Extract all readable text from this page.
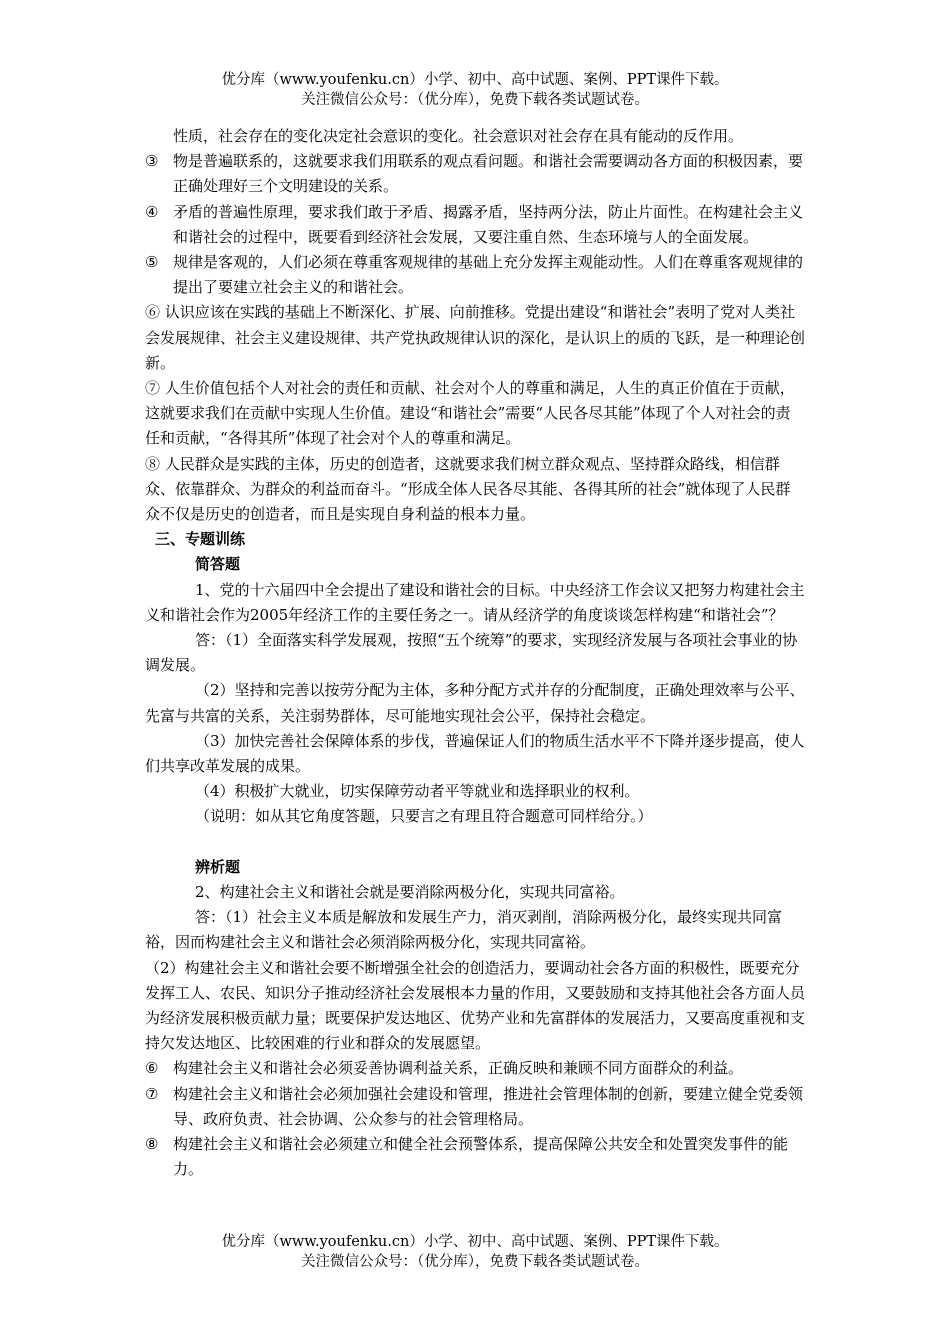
优分库（www.youfenku.cn）小学、初中、高中试题、案例、PPT课件下载。
关注微信公众号：（优分库），免费下载各类试题试卷。

性质，社会存在的变化决定社会意识的变化。社会意识对社会存在具有能动的反作用。

③ 物是普遍联系的，这就要求我们用联系的观点看问题。和谐社会需要调动各方面的积极因素，要正确处理好三个文明建设的关系。
④ 矛盾的普遍性原理，要求我们敢于矛盾、揭露矛盾，坚持两分法，防止片面性。在构建社会主义和谐社会的过程中，既要看到经济社会发展，又要注重自然、生态环境与人的全面发展。
⑤ 规律是客观的，人们必须在尊重客观规律的基础上充分发挥主观能动性。人们在尊重客观规律的提出了要建立社会主义的和谐社会。

⑥ 认识应该在实践的基础上不断深化、扩展、向前推移。党提出建设“和谐社会”表明了党对人类社会发展规律、社会主义建设规律、共产党执政规律认识的深化，是认识上的质的飞跃，是一种理论创新。

⑦ 人生价值包括个人对社会的责任和贡献、社会对个人的尊重和满足，人生的真正价值在于贡献，这就要求我们在贡献中实现人生价值。建设“和谐社会”需要“人民各尽其能”体现了个人对社会的责任和贡献，“各得其所”体现了社会对个人的尊重和满足。

⑧ 人民群众是实践的主体，历史的创造者，这就要求我们树立群众观点、坚持群众路线，相信群众、依靠群众、为群众的利益而奋斗。“形成全体人民各尽其能、各得其所的社会”就体现了人民群众不仅是历史的创造者，而且是实现自身利益的根本力量。

三、专题训练

简答题

1、党的十六届四中全会提出了建设和谐社会的目标。中央经济工作会议又把努力构建社会主义和谐社会作为2005年经济工作的主要任务之一。请从经济学的角度谈谈怎样构建“和谐社会”？

答：（1）全面落实科学发展观，按照“五个统筹”的要求，实现经济发展与各项社会事业的协调发展。

（2）坚持和完善以按劳分配为主体，多种分配方式并存的分配制度，正确处理效率与公平、先富与共富的关系，关注弱势群体，尽可能地实现社会公平，保持社会稳定。

（3）加快完善社会保障体系的步伐，普遍保证人们的物质生活水平不下降并逐步提高，使人们共享改革发展的成果。

（4）积极扩大就业，切实保障劳动者平等就业和选择职业的权利。

（说明：如从其它角度答题，只要言之有理且符合题意可同样给分。）

辨析题

2、构建社会主义和谐社会就是要消除两极分化，实现共同富裕。

答：（1）社会主义本质是解放和发展生产力，消灭剥削，消除两极分化，最终实现共同富裕，因而构建社会主义和谐社会必须消除两极分化，实现共同富裕。

（2）构建社会主义和谐社会要不断增强全社会的创造活力，要调动社会各方面的积极性，既要充分发挥工人、农民、知识分子推动经济社会发展根本力量的作用，又要鼓励和支持其他社会各方面人员为经济发展积极贡献力量；既要保护发达地区、优势产业和先富群体的发展活力，又要高度重视和支持欠发达地区、比较困难的行业和群众的发展愿望。

⑥ 构建社会主义和谐社会必须妥善协调利益关系，正确反映和兼顾不同方面群众的利益。
⑦ 构建社会主义和谐社会必须加强社会建设和管理，推进社会管理体制的创新，要建立健全党委领导、政府负责、社会协调、公众参与的社会管理格局。
⑧ 构建社会主义和谐社会必须建立和健全社会预警体系，提高保障公共安全和处置突发事件的能力。
优分库（www.youfenku.cn）小学、初中、高中试题、案例、PPT课件下载。
关注微信公众号：（优分库），免费下载各类试题试卷。
